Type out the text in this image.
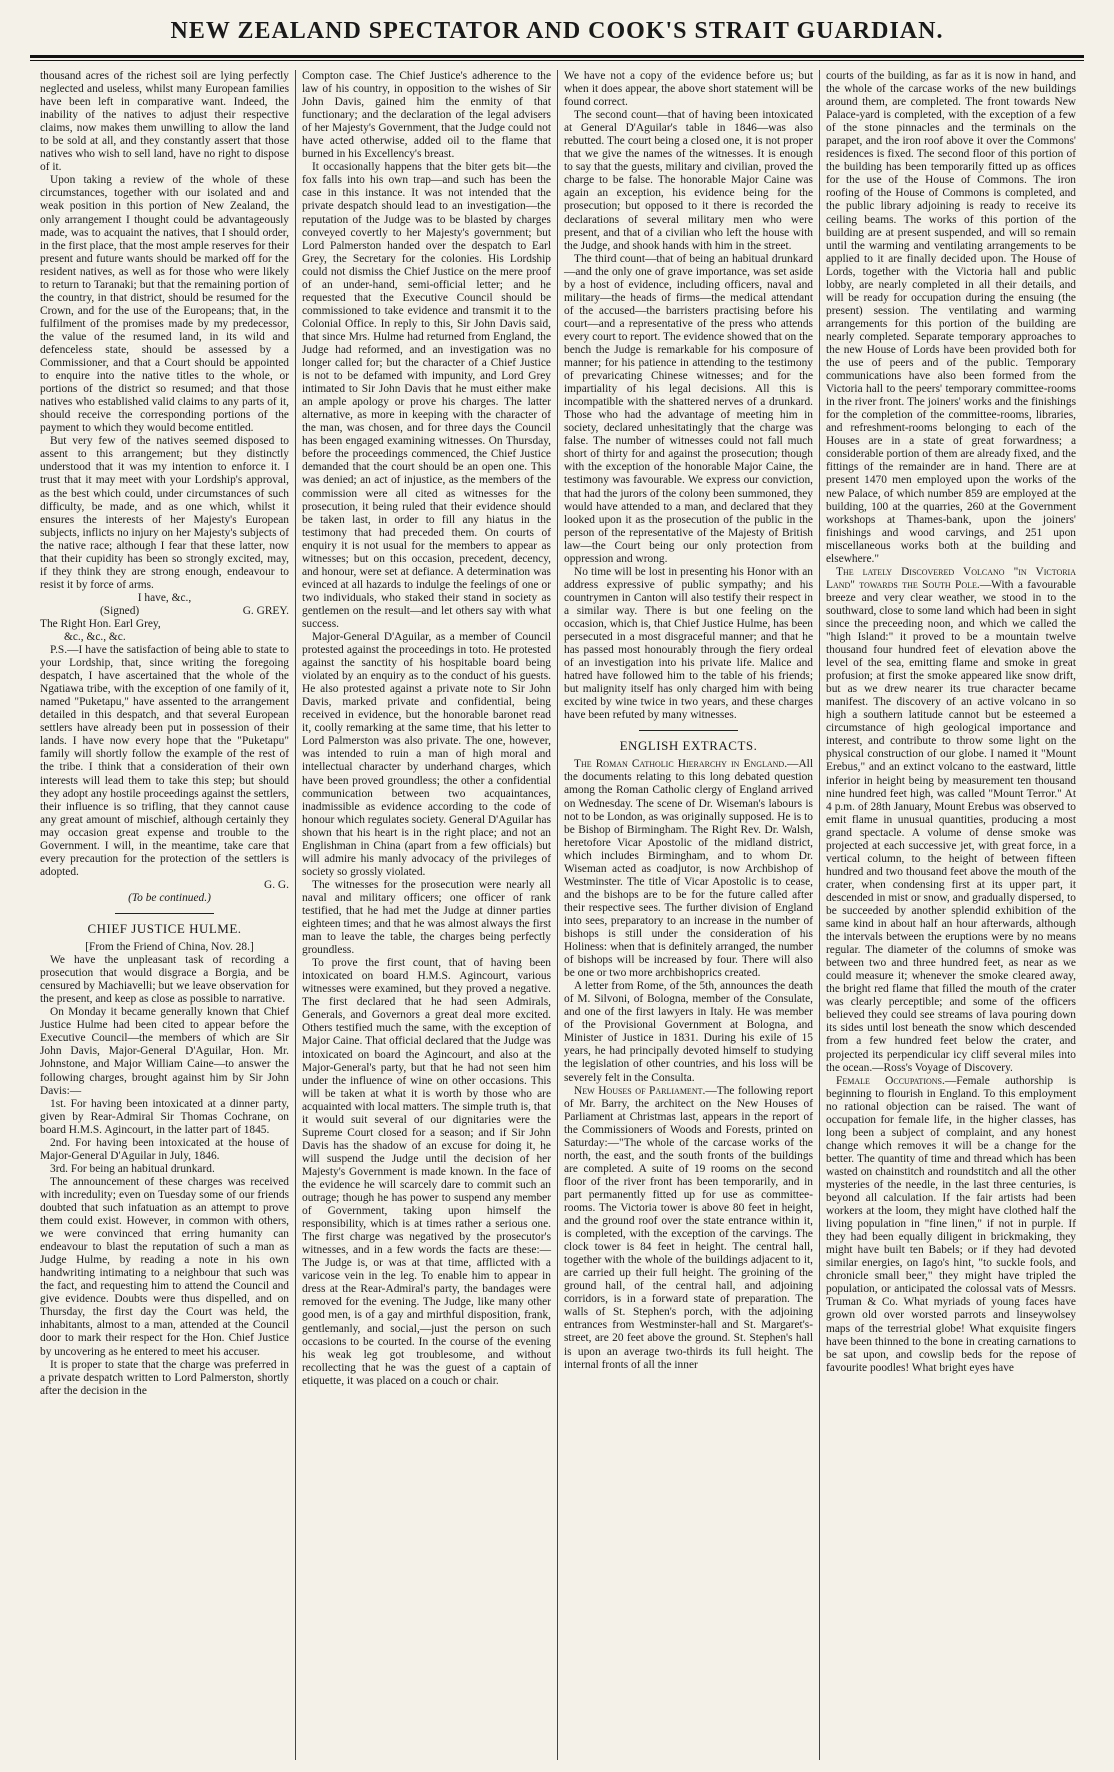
NEW ZEALAND SPECTATOR AND COOK'S STRAIT GUARDIAN.

thousand acres of the richest soil are lying perfectly neglected and useless, whilst many European families have been left in comparative want. Indeed, the inability of the natives to adjust their respective claims, now makes them unwilling to allow the land to be sold at all, and they constantly assert that those natives who wish to sell land, have no right to dispose of it.

Upon taking a review of the whole of these circumstances, together with our isolated and and weak position in this portion of New Zealand, the only arrangement I thought could be advantageously made, was to acquaint the natives, that I should order, in the first place, that the most ample reserves for their present and future wants should be marked off for the resident natives, as well as for those who were likely to return to Taranaki; but that the remaining portion of the country, in that district, should be resumed for the Crown, and for the use of the Europeans; that, in the fulfilment of the promises made by my predecessor, the value of the resumed land, in its wild and defenceless state, should be assessed by a Commissioner, and that a Court should be appointed to enquire into the native titles to the whole, or portions of the district so resumed; and that those natives who established valid claims to any parts of it, should receive the corresponding portions of the payment to which they would become entitled.

But very few of the natives seemed disposed to assent to this arrangement; but they distinctly understood that it was my intention to enforce it. I trust that it may meet with your Lordship's approval, as the best which could, under circumstances of such difficulty, be made, and as one which, whilst it ensures the interests of her Majesty's European subjects, inflicts no injury on her Majesty's subjects of the native race; although I fear that these latter, now that their cupidity has been so strongly excited, may, if they think they are strong enough, endeavour to resist it by force of arms.

I have, &c.,

(Signed)	G. GREY.

The Right Hon. Earl Grey,

&c., &c., &c.

P.S.—I have the satisfaction of being able to state to your Lordship, that, since writing the foregoing despatch, I have ascertained that the whole of the Ngatiawa tribe, with the exception of one family of it, named "Puketapu," have assented to the arrangement detailed in this despatch, and that several European settlers have already been put in possession of their lands. I have now every hope that the "Puketapu" family will shortly follow the example of the rest of the tribe. I think that a consideration of their own interests will lead them to take this step; but should they adopt any hostile proceedings against the settlers, their influence is so trifling, that they cannot cause any great amount of mischief, although certainly they may occasion great expense and trouble to the Government. I will, in the meantime, take care that every precaution for the protection of the settlers is adopted.

G. G.

(To be continued.)

CHIEF JUSTICE HULME.

[From the Friend of China, Nov. 28.]

We have the unpleasant task of recording a prosecution that would disgrace a Borgia, and be censured by Machiavelli; but we leave observation for the present, and keep as close as possible to narrative.

On Monday it became generally known that Chief Justice Hulme had been cited to appear before the Executive Council—the members of which are Sir John Davis, Major-General D'Aguilar, Hon. Mr. Johnstone, and Major William Caine—to answer the following charges, brought against him by Sir John Davis:—

1st. For having been intoxicated at a dinner party, given by Rear-Admiral Sir Thomas Cochrane, on board H.M.S. Agincourt, in the latter part of 1845.

2nd. For having been intoxicated at the house of Major-General D'Aguilar in July, 1846.

3rd. For being an habitual drunkard.

The announcement of these charges was received with incredulity; even on Tuesday some of our friends doubted that such infatuation as an attempt to prove them could exist. However, in common with others, we were convinced that erring humanity can endeavour to blast the reputation of such a man as Judge Hulme, by reading a note in his own handwriting intimating to a neighbour that such was the fact, and requesting him to attend the Council and give evidence. Doubts were thus dispelled, and on Thursday, the first day the Court was held, the inhabitants, almost to a man, attended at the Council door to mark their respect for the Hon. Chief Justice by uncovering as he entered to meet his accuser.

It is proper to state that the charge was preferred in a private despatch written to Lord Palmerston, shortly after the decision in the

Compton case. The Chief Justice's adherence to the law of his country, in opposition to the wishes of Sir John Davis, gained him the enmity of that functionary; and the declaration of the legal advisers of her Majesty's Government, that the Judge could not have acted otherwise, added oil to the flame that burned in his Excellency's breast.

It occasionally happens that the biter gets bit—the fox falls into his own trap—and such has been the case in this instance. It was not intended that the private despatch should lead to an investigation—the reputation of the Judge was to be blasted by charges conveyed covertly to her Majesty's government; but Lord Palmerston handed over the despatch to Earl Grey, the Secretary for the colonies. His Lordship could not dismiss the Chief Justice on the mere proof of an under-hand, semi-official letter; and he requested that the Executive Council should be commissioned to take evidence and transmit it to the Colonial Office. In reply to this, Sir John Davis said, that since Mrs. Hulme had returned from England, the Judge had reformed, and an investigation was no longer called for; but the character of a Chief Justice is not to be defamed with impunity, and Lord Grey intimated to Sir John Davis that he must either make an ample apology or prove his charges. The latter alternative, as more in keeping with the character of the man, was chosen, and for three days the Council has been engaged examining witnesses. On Thursday, before the proceedings commenced, the Chief Justice demanded that the court should be an open one. This was denied; an act of injustice, as the members of the commission were all cited as witnesses for the prosecution, it being ruled that their evidence should be taken last, in order to fill any hiatus in the testimony that had preceded them. On courts of enquiry it is not usual for the members to appear as witnesses; but on this occasion, precedent, decency, and honour, were set at defiance. A determination was evinced at all hazards to indulge the feelings of one or two individuals, who staked their stand in society as gentlemen on the result—and let others say with what success.

Major-General D'Aguilar, as a member of Council protested against the proceedings in toto. He protested against the sanctity of his hospitable board being violated by an enquiry as to the conduct of his guests. He also protested against a private note to Sir John Davis, marked private and confidential, being received in evidence, but the honorable baronet read it, coolly remarking at the same time, that his letter to Lord Palmerston was also private. The one, however, was intended to ruin a man of high moral and intellectual character by underhand charges, which have been proved groundless; the other a confidential communication between two acquaintances, inadmissible as evidence according to the code of honour which regulates society. General D'Aguilar has shown that his heart is in the right place; and not an Englishman in China (apart from a few officials) but will admire his manly advocacy of the privileges of society so grossly violated.

The witnesses for the prosecution were nearly all naval and military officers; one officer of rank testified, that he had met the Judge at dinner parties eighteen times; and that he was almost always the first man to leave the table, the charges being perfectly groundless.

To prove the first count, that of having been intoxicated on board H.M.S. Agincourt, various witnesses were examined, but they proved a negative. The first declared that he had seen Admirals, Generals, and Governors a great deal more excited. Others testified much the same, with the exception of Major Caine. That official declared that the Judge was intoxicated on board the Agincourt, and also at the Major-General's party, but that he had not seen him under the influence of wine on other occasions. This will be taken at what it is worth by those who are acquainted with local matters. The simple truth is, that it would suit several of our dignitaries were the Supreme Court closed for a season; and if Sir John Davis has the shadow of an excuse for doing it, he will suspend the Judge until the decision of her Majesty's Government is made known. In the face of the evidence he will scarcely dare to commit such an outrage; though he has power to suspend any member of Government, taking upon himself the responsibility, which is at times rather a serious one. The first charge was negatived by the prosecutor's witnesses, and in a few words the facts are these:—The Judge is, or was at that time, afflicted with a varicose vein in the leg. To enable him to appear in dress at the Rear-Admiral's party, the bandages were removed for the evening. The Judge, like many other good men, is of a gay and mirthful disposition, frank, gentlemanly, and social,—just the person on such occasions to be courted. In the course of the evening his weak leg got troublesome, and without recollecting that he was the guest of a captain of etiquette, it was placed on a couch or chair.

We have not a copy of the evidence before us; but when it does appear, the above short statement will be found correct.

The second count—that of having been intoxicated at General D'Aguilar's table in 1846—was also rebutted. The court being a closed one, it is not proper that we give the names of the witnesses. It is enough to say that the guests, military and civilian, proved the charge to be false. The honorable Major Caine was again an exception, his evidence being for the prosecution; but opposed to it there is recorded the declarations of several military men who were present, and that of a civilian who left the house with the Judge, and shook hands with him in the street.

The third count—that of being an habitual drunkard—and the only one of grave importance, was set aside by a host of evidence, including officers, naval and military—the heads of firms—the medical attendant of the accused—the barristers practising before his court—and a representative of the press who attends every court to report. The evidence showed that on the bench the Judge is remarkable for his composure of manner; for his patience in attending to the testimony of prevaricating Chinese witnesses; and for the impartiality of his legal decisions. All this is incompatible with the shattered nerves of a drunkard. Those who had the advantage of meeting him in society, declared unhesitatingly that the charge was false. The number of witnesses could not fall much short of thirty for and against the prosecution; though with the exception of the honorable Major Caine, the testimony was favourable. We express our conviction, that had the jurors of the colony been summoned, they would have attended to a man, and declared that they looked upon it as the prosecution of the public in the person of the representative of the Majesty of British law—the Court being our only protection from oppression and wrong.

No time will be lost in presenting his Honor with an address expressive of public sympathy; and his countrymen in Canton will also testify their respect in a similar way. There is but one feeling on the occasion, which is, that Chief Justice Hulme, has been persecuted in a most disgraceful manner; and that he has passed most honourably through the fiery ordeal of an investigation into his private life. Malice and hatred have followed him to the table of his friends; but malignity itself has only charged him with being excited by wine twice in two years, and these charges have been refuted by many witnesses.

ENGLISH EXTRACTS.

The Roman Catholic Hierarchy in England.—All the documents relating to this long debated question among the Roman Catholic clergy of England arrived on Wednesday. The scene of Dr. Wiseman's labours is not to be London, as was originally supposed. He is to be Bishop of Birmingham. The Right Rev. Dr. Walsh, heretofore Vicar Apostolic of the midland district, which includes Birmingham, and to whom Dr. Wiseman acted as coadjutor, is now Archbishop of Westminster. The title of Vicar Apostolic is to cease, and the bishops are to be for the future called after their respective sees. The further division of England into sees, preparatory to an increase in the number of bishops is still under the consideration of his Holiness: when that is definitely arranged, the number of bishops will be increased by four. There will also be one or two more archbishoprics created.

A letter from Rome, of the 5th, announces the death of M. Silvoni, of Bologna, member of the Consulate, and one of the first lawyers in Italy. He was member of the Provisional Government at Bologna, and Minister of Justice in 1831. During his exile of 15 years, he had principally devoted himself to studying the legislation of other countries, and his loss will be severely felt in the Consulta.

New Houses of Parliament.—The following report of Mr. Barry, the architect on the New Houses of Parliament at Christmas last, appears in the report of the Commissioners of Woods and Forests, printed on Saturday:—"The whole of the carcase works of the north, the east, and the south fronts of the buildings are completed. A suite of 19 rooms on the second floor of the river front has been temporarily, and in part permanently fitted up for use as committee-rooms. The Victoria tower is above 80 feet in height, and the ground roof over the state entrance within it, is completed, with the exception of the carvings. The clock tower is 84 feet in height. The central hall, together with the whole of the buildings adjacent to it, are carried up their full height. The groining of the ground hall, of the central hall, and adjoining corridors, is in a forward state of preparation. The walls of St. Stephen's porch, with the adjoining entrances from Westminster-hall and St. Margaret's-street, are 20 feet above the ground. St. Stephen's hall is upon an average two-thirds its full height. The internal fronts of all the inner

courts of the building, as far as it is now in hand, and the whole of the carcase works of the new buildings around them, are completed. The front towards New Palace-yard is completed, with the exception of a few of the stone pinnacles and the terminals on the parapet, and the iron roof above it over the Commons' residences is fixed. The second floor of this portion of the building has been temporarily fitted up as offices for the use of the House of Commons. The iron roofing of the House of Commons is completed, and the public library adjoining is ready to receive its ceiling beams. The works of this portion of the building are at present suspended, and will so remain until the warming and ventilating arrangements to be applied to it are finally decided upon. The House of Lords, together with the Victoria hall and public lobby, are nearly completed in all their details, and will be ready for occupation during the ensuing (the present) session. The ventilating and warming arrangements for this portion of the building are nearly completed. Separate temporary approaches to the new House of Lords have been provided both for the use of peers and of the public. Temporary communications have also been formed from the Victoria hall to the peers' temporary committee-rooms in the river front. The joiners' works and the finishings for the completion of the committee-rooms, libraries, and refreshment-rooms belonging to each of the Houses are in a state of great forwardness; a considerable portion of them are already fixed, and the fittings of the remainder are in hand. There are at present 1470 men employed upon the works of the new Palace, of which number 859 are employed at the building, 100 at the quarries, 260 at the Government workshops at Thames-bank, upon the joiners' finishings and wood carvings, and 251 upon miscellaneous works both at the building and elsewhere."

The lately Discovered Volcano "in Victoria Land" towards the South Pole.—With a favourable breeze and very clear weather, we stood in to the southward, close to some land which had been in sight since the preceeding noon, and which we called the "high Island:" it proved to be a mountain twelve thousand four hundred feet of elevation above the level of the sea, emitting flame and smoke in great profusion; at first the smoke appeared like snow drift, but as we drew nearer its true character became manifest. The discovery of an active volcano in so high a southern latitude cannot but be esteemed a circumstance of high geological importance and interest, and contribute to throw some light on the physical construction of our globe. I named it "Mount Erebus," and an extinct volcano to the eastward, little inferior in height being by measurement ten thousand nine hundred feet high, was called "Mount Terror." At 4 p.m. of 28th January, Mount Erebus was observed to emit flame in unusual quantities, producing a most grand spectacle. A volume of dense smoke was projected at each successive jet, with great force, in a vertical column, to the height of between fifteen hundred and two thousand feet above the mouth of the crater, when condensing first at its upper part, it descended in mist or snow, and gradually dispersed, to be succeeded by another splendid exhibition of the same kind in about half an hour afterwards, although the intervals between the eruptions were by no means regular. The diameter of the columns of smoke was between two and three hundred feet, as near as we could measure it; whenever the smoke cleared away, the bright red flame that filled the mouth of the crater was clearly perceptible; and some of the officers believed they could see streams of lava pouring down its sides until lost beneath the snow which descended from a few hundred feet below the crater, and projected its perpendicular icy cliff several miles into the ocean.—Ross's Voyage of Discovery.

Female Occupations.—Female authorship is beginning to flourish in England. To this employment no rational objection can be raised. The want of occupation for female life, in the higher classes, has long been a subject of complaint, and any honest change which removes it will be a change for the better. The quantity of time and thread which has been wasted on chainstitch and roundstitch and all the other mysteries of the needle, in the last three centuries, is beyond all calculation. If the fair artists had been workers at the loom, they might have clothed half the living population in "fine linen," if not in purple. If they had been equally diligent in brickmaking, they might have built ten Babels; or if they had devoted similar energies, on Iago's hint, "to suckle fools, and chronicle small beer," they might have tripled the population, or anticipated the colossal vats of Messrs. Truman & Co. What myriads of young faces have grown old over worsted parrots and linseywolsey maps of the terrestrial globe! What exquisite fingers have been thinned to the bone in creating carnations to be sat upon, and cowslip beds for the repose of favourite poodles! What bright eyes have
